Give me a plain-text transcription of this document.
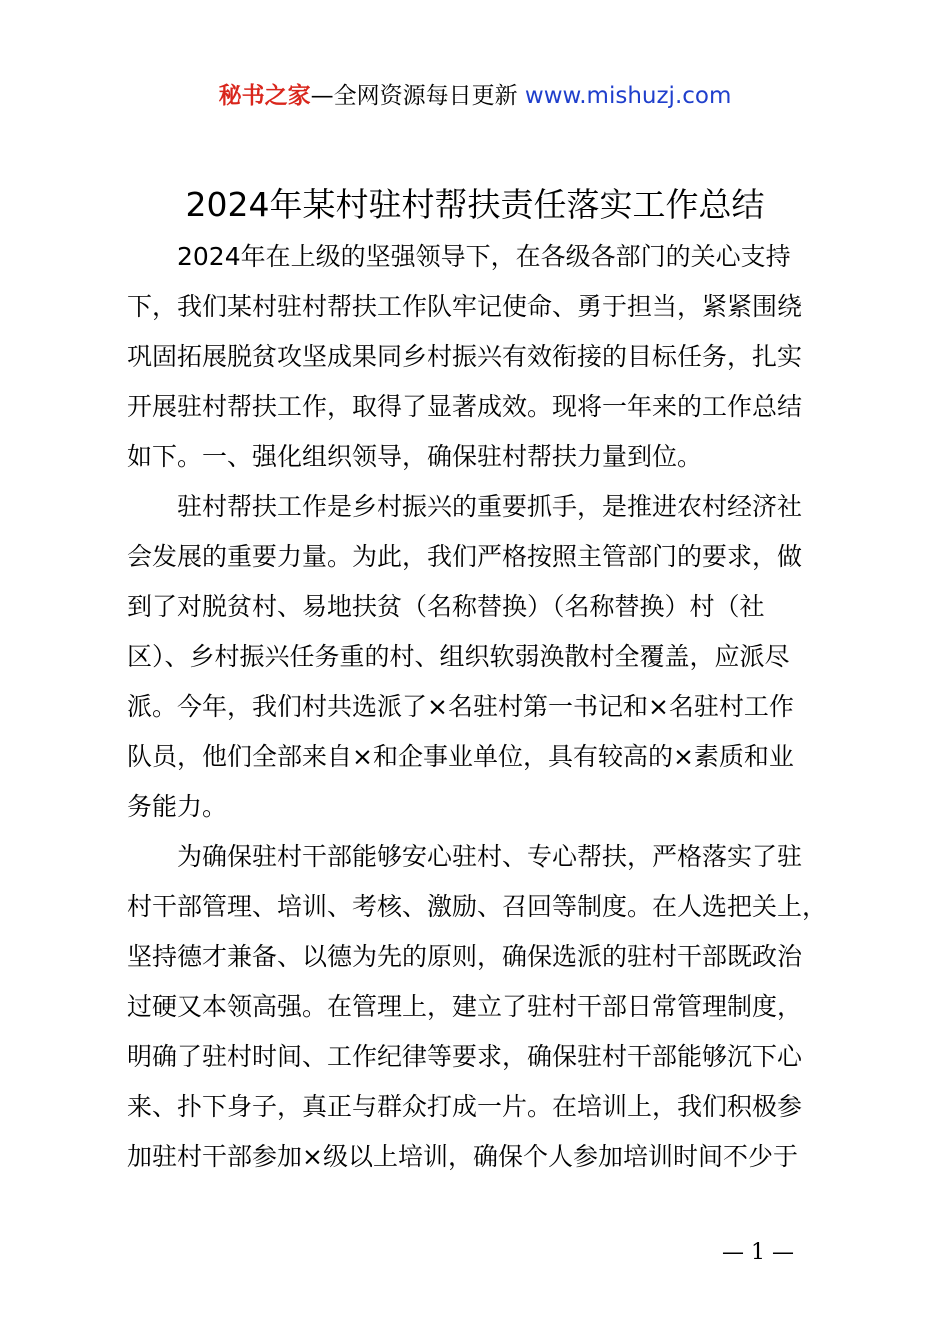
秘书之家—全网资源每日更新 www.mishuzj.com
2024年某村驻村帮扶责任落实工作总结

2024年在上级的坚强领导下，在各级各部门的关心支持
下，我们某村驻村帮扶工作队牢记使命、勇于担当，紧紧围绕
巩固拓展脱贫攻坚成果同乡村振兴有效衔接的目标任务，扎实
开展驻村帮扶工作，取得了显著成效。现将一年来的工作总结
如下。一、强化组织领导，确保驻村帮扶力量到位。

驻村帮扶工作是乡村振兴的重要抓手，是推进农村经济社
会发展的重要力量。为此，我们严格按照主管部门的要求，做
到了对脱贫村、易地扶贫（名称替换）（名称替换）村（社
区）、乡村振兴任务重的村、组织软弱涣散村全覆盖，应派尽
派。今年，我们村共选派了×名驻村第一书记和×名驻村工作
队员，他们全部来自×和企事业单位，具有较高的×素质和业
务能力。

为确保驻村干部能够安心驻村、专心帮扶，严格落实了驻
村干部管理、培训、考核、激励、召回等制度。在人选把关上，
坚持德才兼备、以德为先的原则，确保选派的驻村干部既政治
过硬又本领高强。在管理上，建立了驻村干部日常管理制度，
明确了驻村时间、工作纪律等要求，确保驻村干部能够沉下心
来、扑下身子，真正与群众打成一片。在培训上，我们积极参
加驻村干部参加×级以上培训，确保个人参加培训时间不少于

— 1 —
